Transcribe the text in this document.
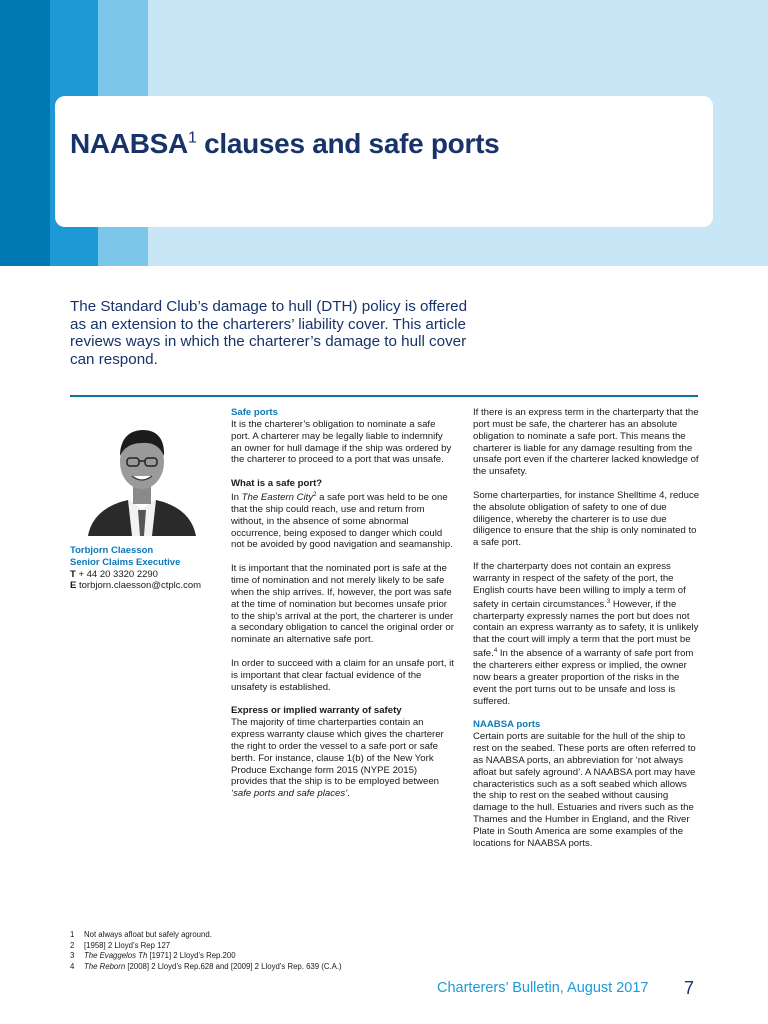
NAABSA$^1$ clauses and safe ports

The Standard Club’s damage to hull (DTH) policy is offered as an extension to the charterers’ liability cover. This article reviews ways in which the charterer’s damage to hull cover can respond.

Torbjorn Claesson
Senior Claims Executive
T + 44 20 3320 2290
E torbjorn.claesson@ctplc.com

Safe ports
It is the charterer’s obligation to nominate a safe port. A charterer may be legally liable to indemnify an owner for hull damage if the ship was ordered by the charterer to proceed to a port that was unsafe.

What is a safe port?
In The Eastern City$^2$ a safe port was held to be one that the ship could reach, use and return from without, in the absence of some abnormal occurrence, being exposed to danger which could not be avoided by good navigation and seamanship.

It is important that the nominated port is safe at the time of nomination and not merely likely to be safe when the ship arrives. If, however, the port was safe at the time of nomination but becomes unsafe prior to the ship’s arrival at the port, the charterer is under a secondary obligation to cancel the original order or nominate an alternative safe port.

In order to succeed with a claim for an unsafe port, it is important that clear factual evidence of the unsafety is established.

Express or implied warranty of safety
The majority of time charterparties contain an express warranty clause which gives the charterer the right to order the vessel to a safe port or safe berth. For instance, clause 1(b) of the New York Produce Exchange form 2015 (NYPE 2015) provides that the ship is to be employed between ‘safe ports and safe places’.

If there is an express term in the charterparty that the port must be safe, the charterer has an absolute obligation to nominate a safe port. This means the charterer is liable for any damage resulting from the unsafe port even if the charterer lacked knowledge of the unsafety.

Some charterparties, for instance Shelltime 4, reduce the absolute obligation of safety to one of due diligence, whereby the charterer is to use due diligence to ensure that the ship is only nominated to a safe port.

If the charterparty does not contain an express warranty in respect of the safety of the port, the English courts have been willing to imply a term of safety in certain circumstances.$^3$ However, if the charterparty expressly names the port but does not contain an express warranty as to safety, it is unlikely that the court will imply a term that the port must be safe.$^4$ In the absence of a warranty of safe port from the charterers either express or implied, the owner now bears a greater proportion of the risks in the event the port turns out to be unsafe and loss is suffered.

NAABSA ports
Certain ports are suitable for the hull of the ship to rest on the seabed. These ports are often referred to as NAABSA ports, an abbreviation for ‘not always afloat but safely aground’. A NAABSA port may have characteristics such as a soft seabed which allows the ship to rest on the seabed without causing damage to the hull. Estuaries and rivers such as the Thames and the Humber in England, and the River Plate in South America are some examples of the locations for NAABSA ports.

1 Not always afloat but safely aground.
2 [1958] 2 Lloyd’s Rep 127
3 The Evaggelos Th [1971] 2 Lloyd’s Rep.200
4 The Reborn [2008] 2 Lloyd’s Rep.628 and [2009] 2 Lloyd’s Rep. 639 (C.A.)
Charterers’ Bulletin, August 2017 7
